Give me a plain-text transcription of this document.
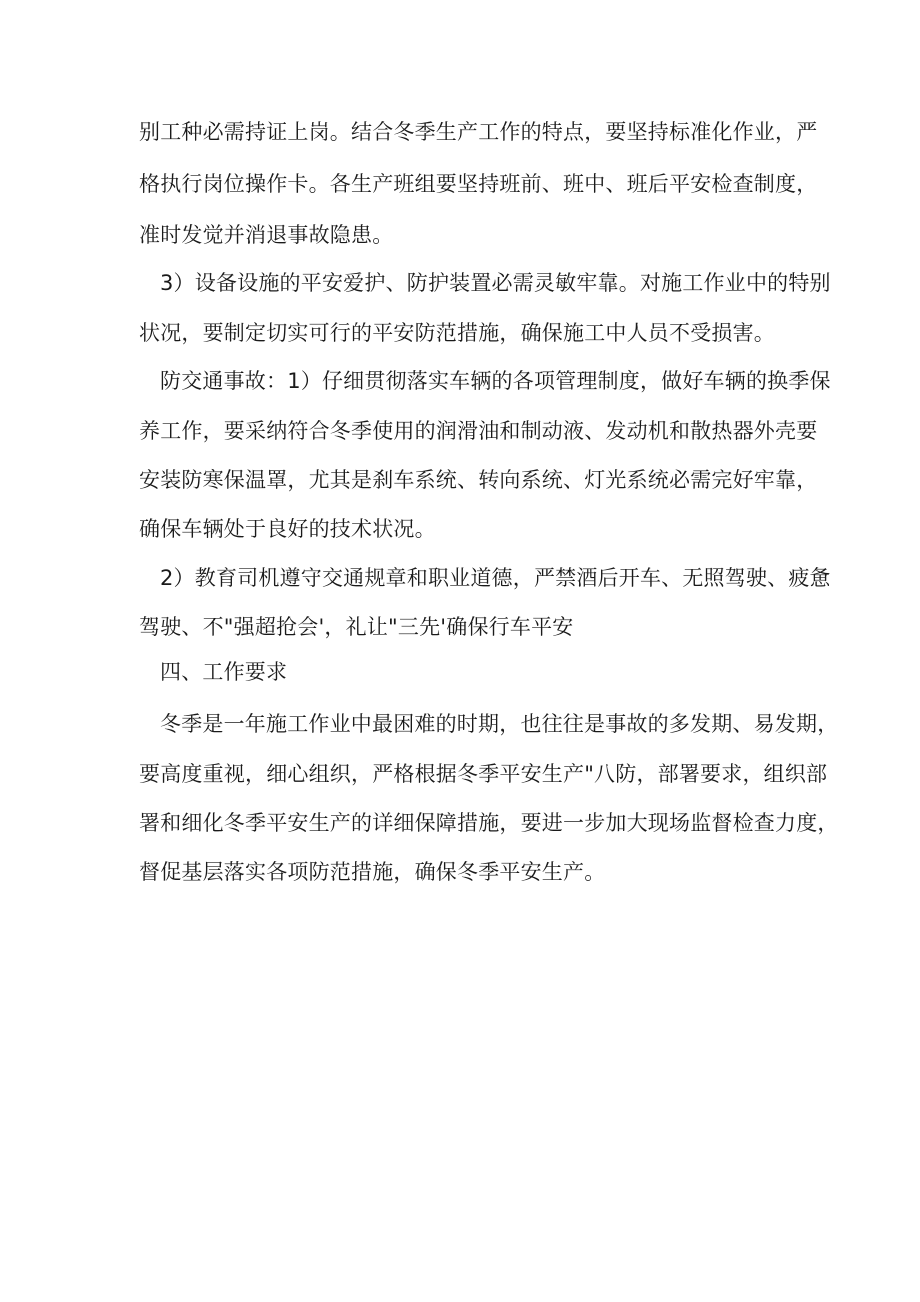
别工种必需持证上岗。结合冬季生产工作的特点，要坚持标准化作业，严
格执行岗位操作卡。各生产班组要坚持班前、班中、班后平安检查制度，
准时发觉并消退事故隐患。
3）设备设施的平安爱护、防护装置必需灵敏牢靠。对施工作业中的特别
状况，要制定切实可行的平安防范措施，确保施工中人员不受损害。
防交通事故：1）仔细贯彻落实车辆的各项管理制度，做好车辆的换季保
养工作，要采纳符合冬季使用的润滑油和制动液、发动机和散热器外壳要
安装防寒保温罩，尤其是刹车系统、转向系统、灯光系统必需完好牢靠，
确保车辆处于良好的技术状况。
2）教育司机遵守交通规章和职业道德，严禁酒后开车、无照驾驶、疲惫
驾驶、不"强超抢会'，礼让"三先'确保行车平安
四、工作要求
冬季是一年施工作业中最困难的时期，也往往是事故的多发期、易发期，
要高度重视，细心组织，严格根据冬季平安生产"八防，部署要求，组织部
署和细化冬季平安生产的详细保障措施，要进一步加大现场监督检查力度，
督促基层落实各项防范措施，确保冬季平安生产。
